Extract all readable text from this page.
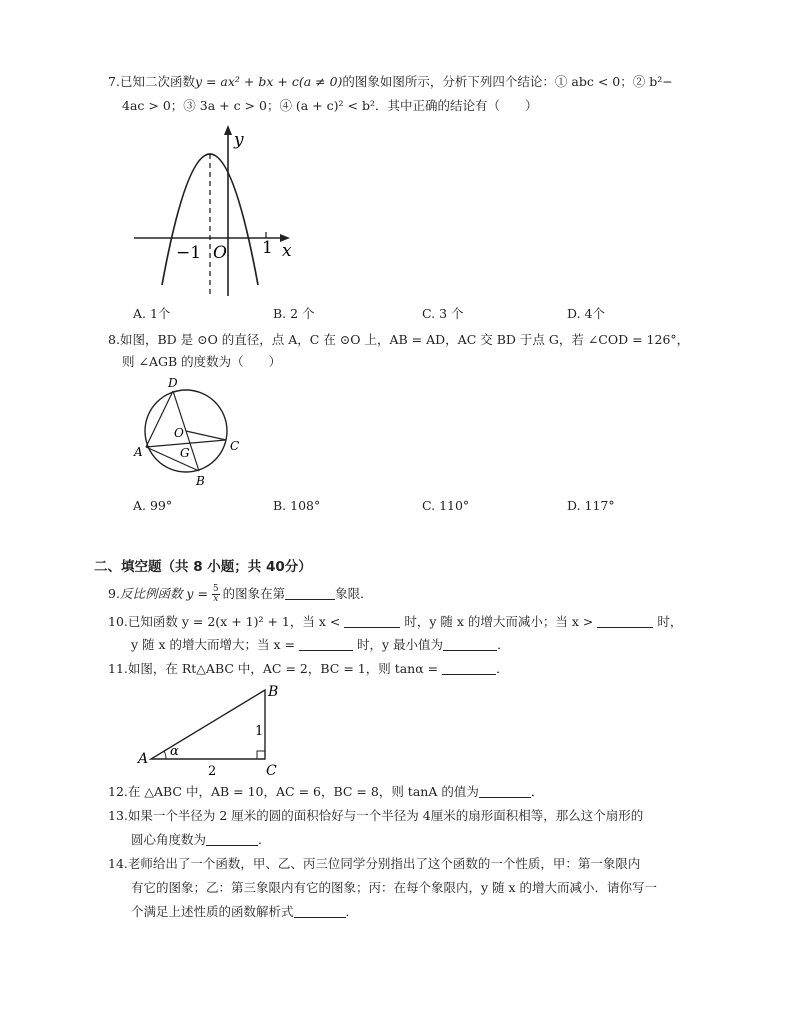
7.已知二次函数y = ax² + bx + c(a ≠ 0)的图象如图所示，分析下列四个结论：① abc < 0；② b²−
4ac > 0；③ 3a + c > 0；④ (a + c)² < b²．其中正确的结论有（　　）
y
x
−1 O 1
A. 1个	B. 2 个	C. 3 个	D. 4个
8.如图，BD 是 ⊙O 的直径，点 A，C 在 ⊙O 上，AB = AD，AC 交 BD 于点 G，若 ∠COD = 126°，
则 ∠AGB 的度数为（　　）
D
O
A	G	C
B
A. 99°	B. 108°	C. 110°	D. 117°
二、填空题（共 8 小题；共 40分）
9.反比例函数 $y = \frac{5}{x}$ 的图象在第	象限．
10.已知函数 y = 2(x + 1)² + 1，当 x <	时，y 随 x 的增大而减小；当 x >	时，
y 随 x 的增大而增大；当 x =	时，y 最小值为	．
11.如图，在 Rt△ABC 中，AC = 2，BC = 1，则 tanα =	．
A
B
C
α
1
2
12.在 △ABC 中，AB = 10，AC = 6，BC = 8，则 tanA 的值为	．
13.如果一个半径为 2 厘米的圆的面积恰好与一个半径为 4厘米的扇形面积相等，那么这个扇形的
圆心角度数为	．
14.老师给出了一个函数，甲、乙、丙三位同学分别指出了这个函数的一个性质，甲：第一象限内
有它的图象；乙：第三象限内有它的图象；丙：在每个象限内，y 随 x 的增大而减小．请你写一
个满足上述性质的函数解析式	．
